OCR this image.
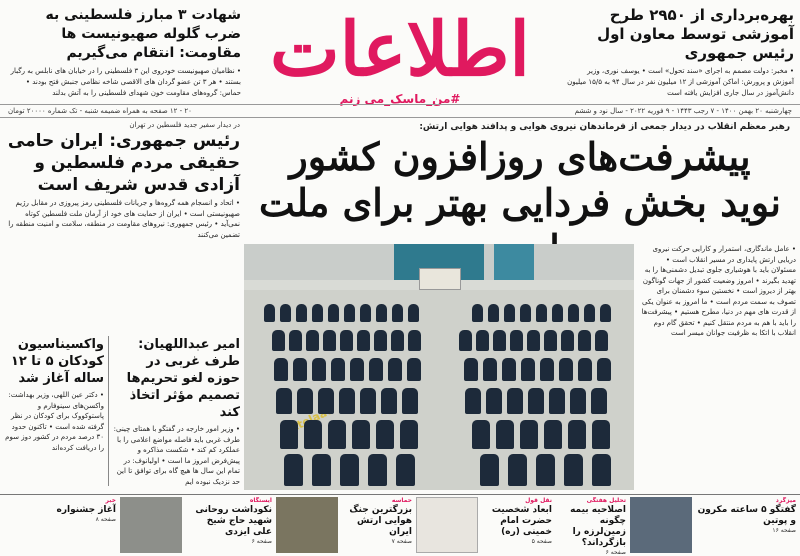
بهره‌برداری از ۲۹۵۰ طرح آموزشی توسط معاون اول رئیس جمهوری
• مخبر: دولت مصمم به اجرای «سند تحول» است • یوسف نوری، وزیر آموزش و پرورش: اماکن آموزشی از ۱۲ میلیون نفر در سال ۹۴ به ۱۵/۵ میلیون دانش‌آموز در سال جاری افزایش یافته است
اطلاعات
#من_ماسک_می زنم
شهادت ۳ مبارز فلسطینی به ضرب گلوله صهیونیست ها مقاومت: انتقام می‌گیریم
• نظامیان صهیونیست خودروی این ۳ فلسطینی را در خیابان های نابلس به رگبار بستند • هر ۳ تن عضو گردان های الاقصی شاخه نظامی جنبش فتح بودند • حماس: گروه‌های مقاومت خون شهدای فلسطینی را به آتش بدلند
چهارشنبه ۲۰ بهمن ۱۴۰۰ - ۷ رجب ۱۴۴۳ - ۹ فوریه ۲۰۲۲ - سال نود و ششم
۲۰ - ۱۲ صفحه به همراه ضمیمه شنبه - تک شماره ۲۰۰۰۰ تومان
در دیدار سفیر جدید فلسطین در تهران
رئیس جمهوری: ایران حامی حقیقی مردم فلسطین و آزادی قدس شریف است
• اتحاد و انسجام همه گروه‌ها و جریانات فلسطینی رمز پیروزی در مقابل رژیم صهیونیستی است • ایران از حمایت های خود از آرمان ملت فلسطین کوتاه نمی‌آید • رئیس جمهوری: نیروهای مقاومت در منطقه، سلامت و امنیت منطقه را تضمین می‌کنند
امیر عبداللهیان: طرف غربی در حوزه لغو تحریم‌ها تصمیم مؤثر اتخاذ کند
• وزیر امور خارجه در گفتگو با همتای چینی: طرف غربی باید فاصله مواضع اعلامی را با عملکرد کم کند • شکست مذاکره و پیش‌فرض امروز ما است • اولیانوف: در تمام این سال ها هیچ گاه برای توافق تا این حد نزدیک نبوده ایم
واکسیناسیون کودکان ۵ تا ۱۲ ساله آغاز شد
• دکتر عین اللهی، وزیر بهداشت: واکسن‌های سینوفارم و پاستوکووک برای کودکان در نظر گرفته شده است • تاکنون حدود ۳۰ درصد مردم در کشور دوز سوم را دریافت کرده‌اند
رهبر معظم انقلاب در دیدار جمعی از فرماندهان نیروی هوایی و پدافند هوایی ارتش:
پیشرفت‌های روزافزون کشور
نوید بخش فردایی بهتر برای ملت
• عامل ماندگاری، استمرار و کارایی حرکت نیروی دریایی ارتش پایداری در مسیر انقلاب است • مسئولان باید با هوشیاری جلوی تبدیل دشمنی‌ها را به تهدید بگیرند • امروز وضعیت کشور از جهات گوناگون بهتر از دیروز است • نخستین سوء دشمنان برای تصوف به سمت مردم است • ما امروز به عنوان یکی از قدرت های مهم در دنیا، مطرح هستیم • پیشرفت‌ها را باید با هم به مردم منتقل کنیم • تحقق گام دوم انقلاب با اتکا به ظرفیت جوانان میسر است
میزگرد
گفتگو ۵ ساعته مکرون و پوتین
صفحه ۱۶
تحلیل هفتگی
اصلاحیه بیمه چگونه زمین‌لرزه را بازگرداند؟
صفحه ۶
نقل قول
ابعاد شخصیت حضرت امام خمینی (ره)
صفحه ۵
حماسه
بزرگترین جنگ هوایی ارتش ایران
صفحه ۷
ایستگاه
نکوداشت روحانی شهید حاج شیخ علی ایزدی
صفحه ۶
خبر
آغاز جشنواره
صفحه ۸
